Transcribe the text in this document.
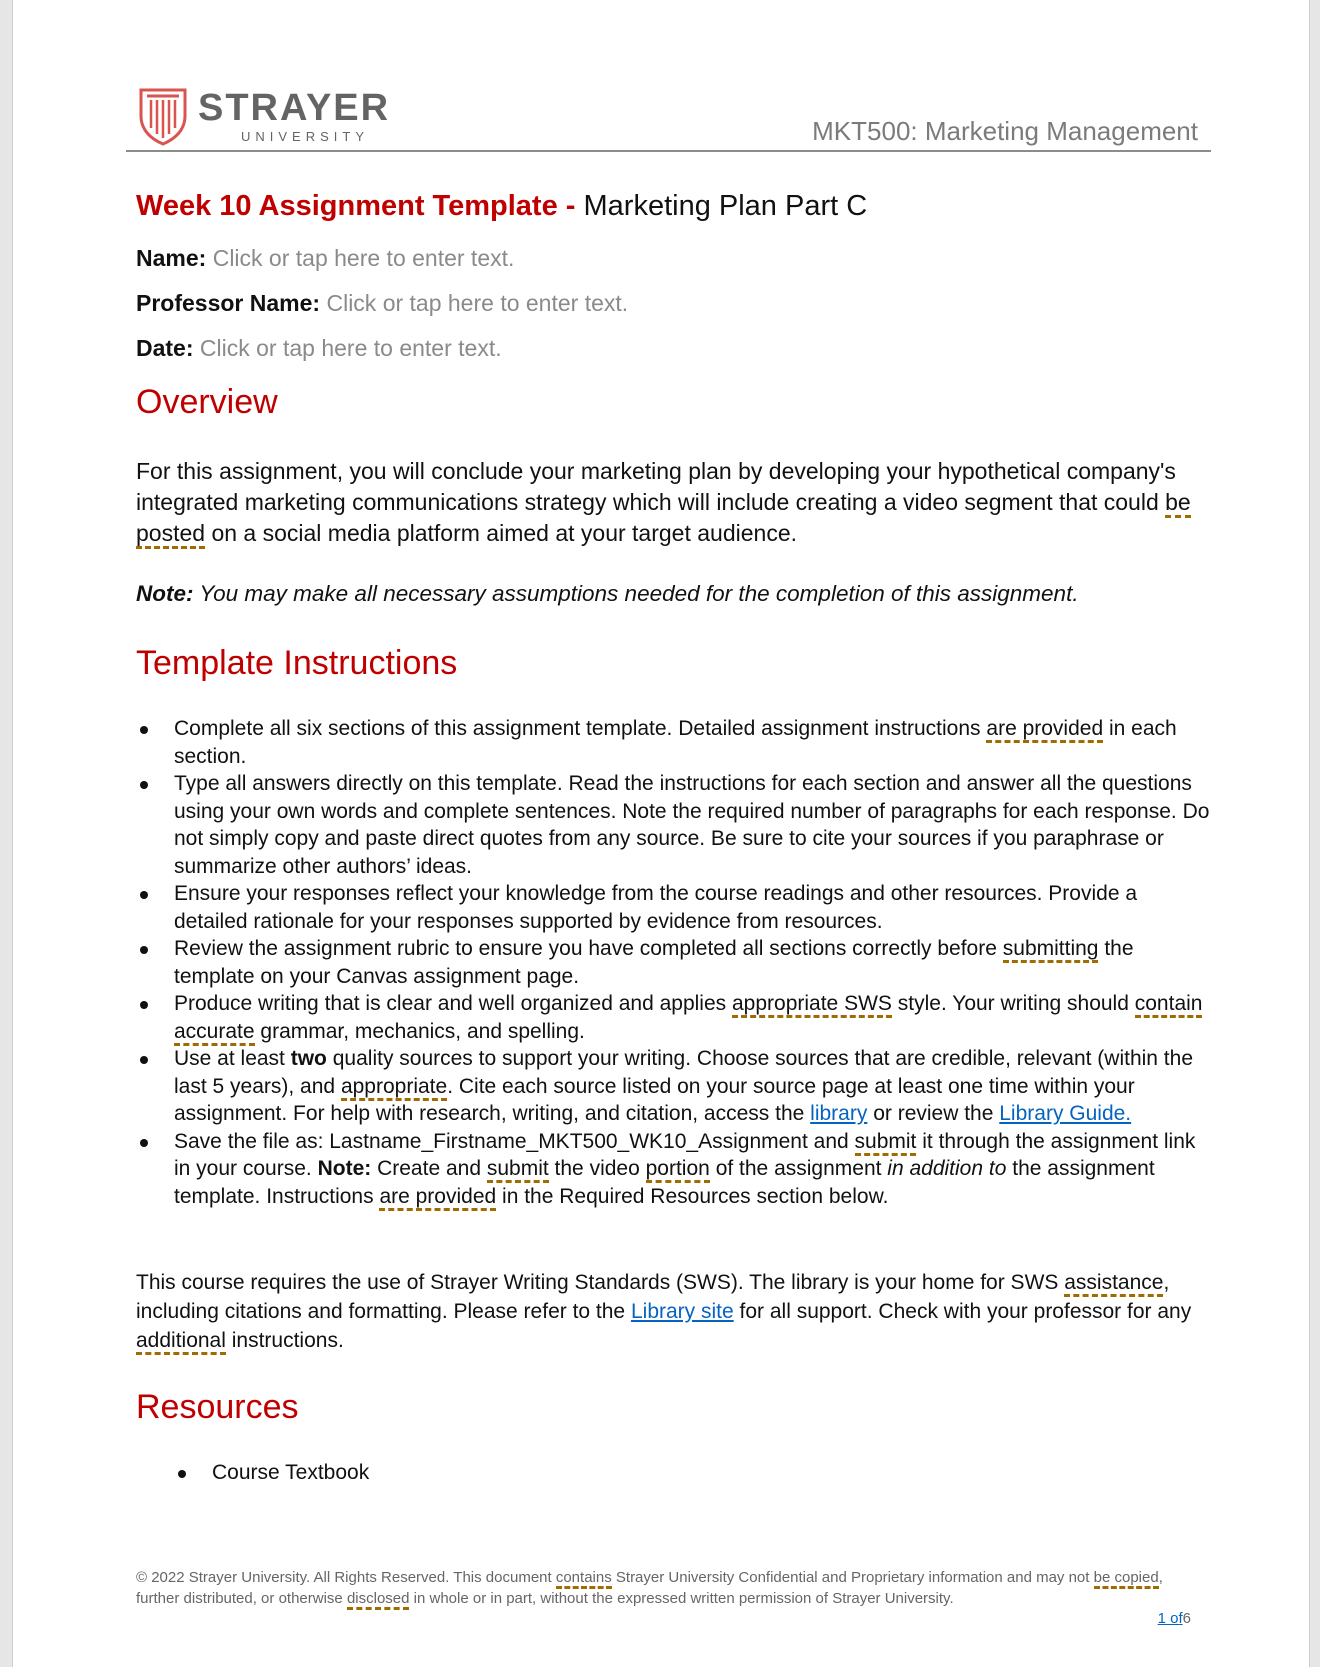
STRAYER
UNIVERSITY	MKT500: Marketing Management
Week 10 Assignment Template - Marketing Plan Part C
Name: Click or tap here to enter text.
Professor Name: Click or tap here to enter text.
Date: Click or tap here to enter text.
Overview
For this assignment, you will conclude your marketing plan by developing your hypothetical company's integrated marketing communications strategy which will include creating a video segment that could be posted on a social media platform aimed at your target audience.
Note: You may make all necessary assumptions needed for the completion of this assignment.
Template Instructions
Complete all six sections of this assignment template. Detailed assignment instructions are provided in each section.
Type all answers directly on this template. Read the instructions for each section and answer all the questions using your own words and complete sentences. Note the required number of paragraphs for each response. Do not simply copy and paste direct quotes from any source. Be sure to cite your sources if you paraphrase or summarize other authors’ ideas.
Ensure your responses reflect your knowledge from the course readings and other resources. Provide a detailed rationale for your responses supported by evidence from resources.
Review the assignment rubric to ensure you have completed all sections correctly before submitting the template on your Canvas assignment page.
Produce writing that is clear and well organized and applies appropriate SWS style. Your writing should contain accurate grammar, mechanics, and spelling.
Use at least two quality sources to support your writing. Choose sources that are credible, relevant (within the last 5 years), and appropriate. Cite each source listed on your source page at least one time within your assignment. For help with research, writing, and citation, access the library or review the Library Guide.
Save the file as: Lastname_Firstname_MKT500_WK10_Assignment and submit it through the assignment link in your course. Note: Create and submit the video portion of the assignment in addition to the assignment template. Instructions are provided in the Required Resources section below.
This course requires the use of Strayer Writing Standards (SWS). The library is your home for SWS assistance, including citations and formatting. Please refer to the Library site for all support. Check with your professor for any additional instructions.
Resources
Course Textbook
© 2022 Strayer University. All Rights Reserved. This document contains Strayer University Confidential and Proprietary information and may not be copied, further distributed, or otherwise disclosed in whole or in part, without the expressed written permission of Strayer University.
1 of6
